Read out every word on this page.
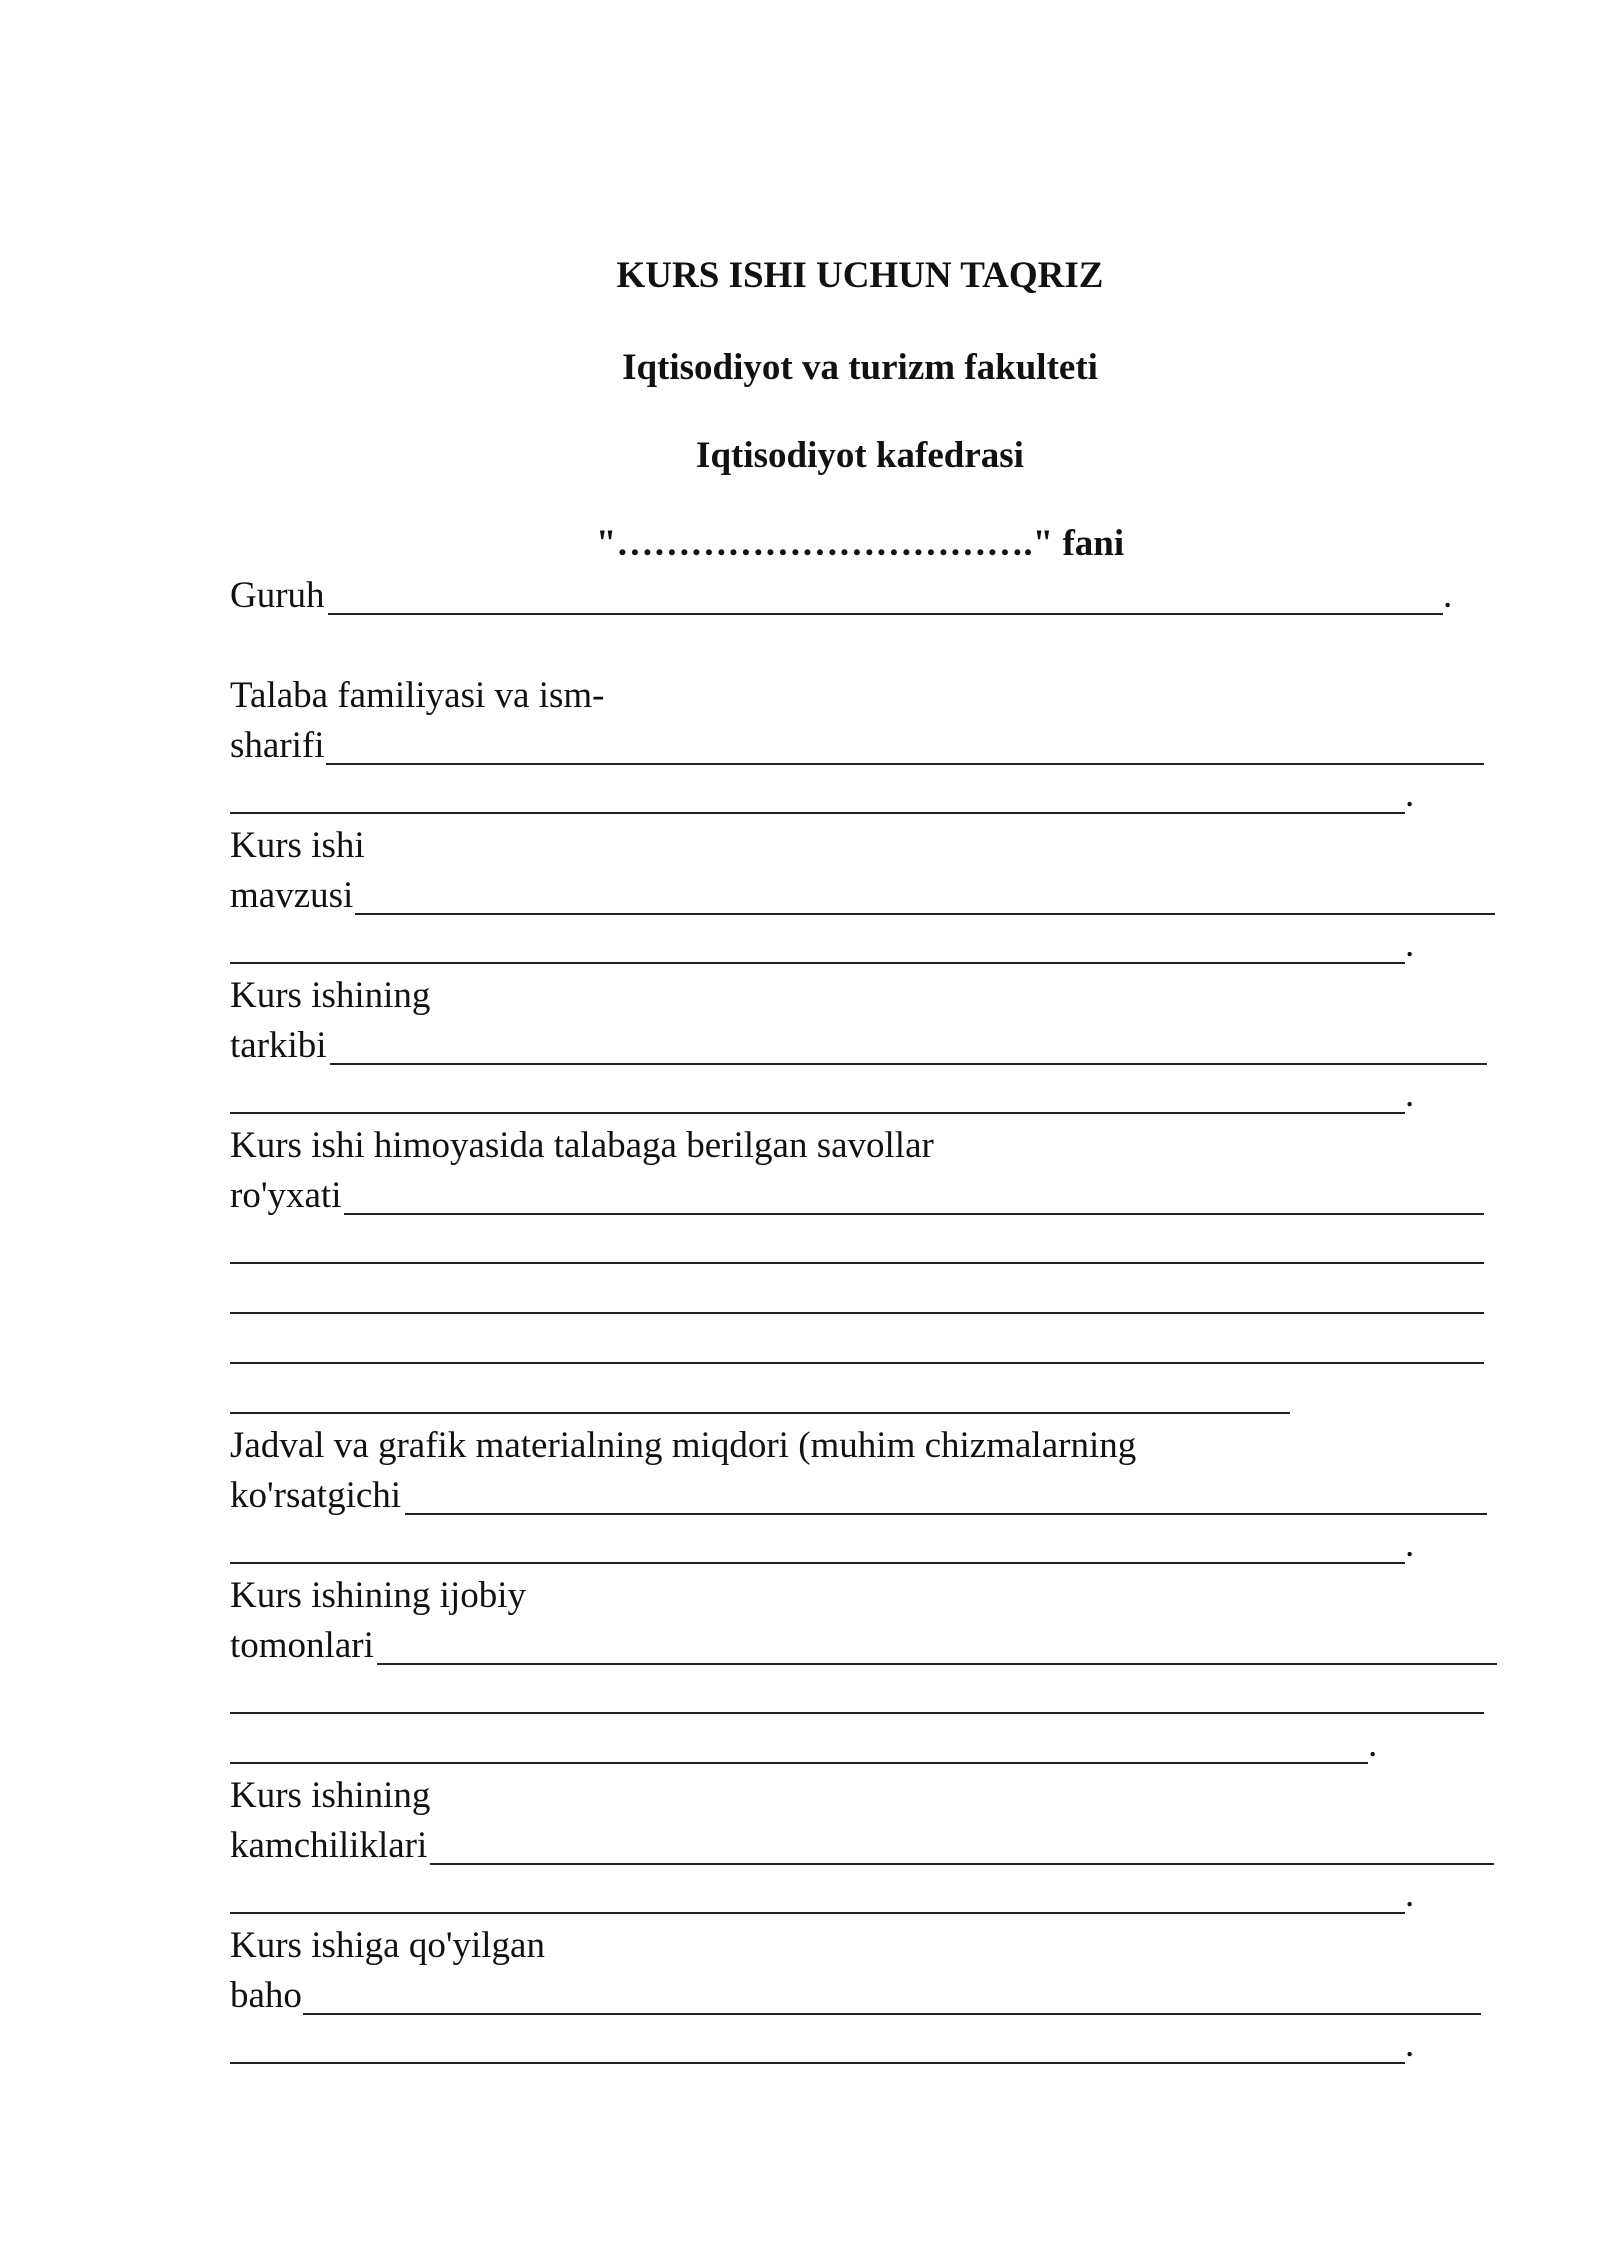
KURS ISHI UCHUN TAQRIZ
Iqtisodiyot va turizm fakulteti
Iqtisodiyot kafedrasi
"……………………………." fani
Guruh	.
Talaba familiyasi va ism-
sharifi
.
Kurs ishi
mavzusi
.
Kurs ishining
tarkibi
.
Kurs ishi himoyasida talabaga berilgan savollar
ro'yxati
Jadval va grafik materialning miqdori (muhim chizmalarning
ko'rsatgichi
.
Kurs ishining ijobiy
tomonlari
.
Kurs ishining
kamchiliklari
.
Kurs ishiga qo'yilgan
baho
.
